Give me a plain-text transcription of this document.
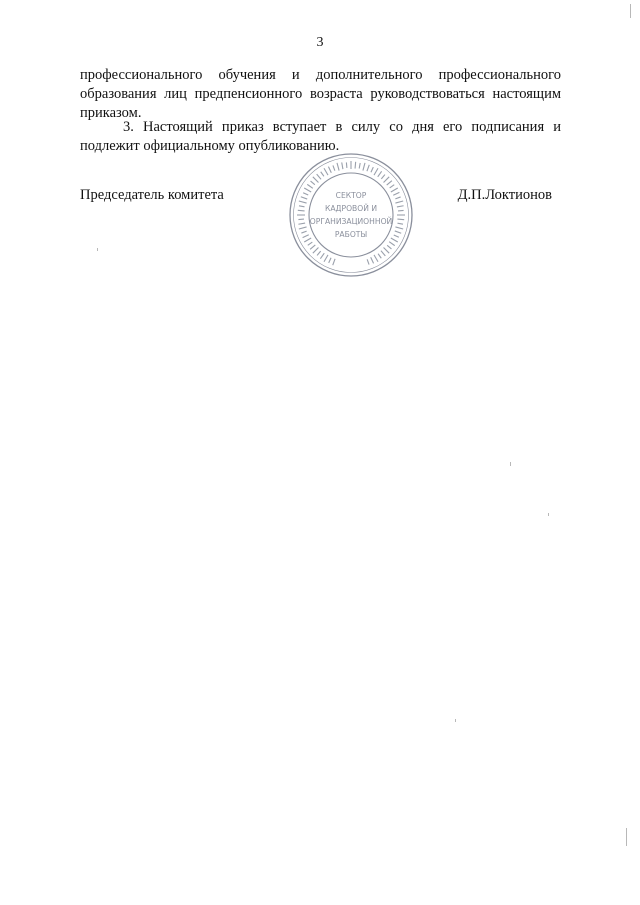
3

профессионального обучения и дополнительного профессионального образования лиц предпенсионного возраста руководствоваться настоящим приказом.

3. Настоящий приказ вступает в силу со дня его подписания и подлежит официальному опубликованию.

Председатель комитета	Д.П.Локтионов
СЕКТОР
КАДРОВОЙ И
ОРГАНИЗАЦИОННОЙ
РАБОТЫ
